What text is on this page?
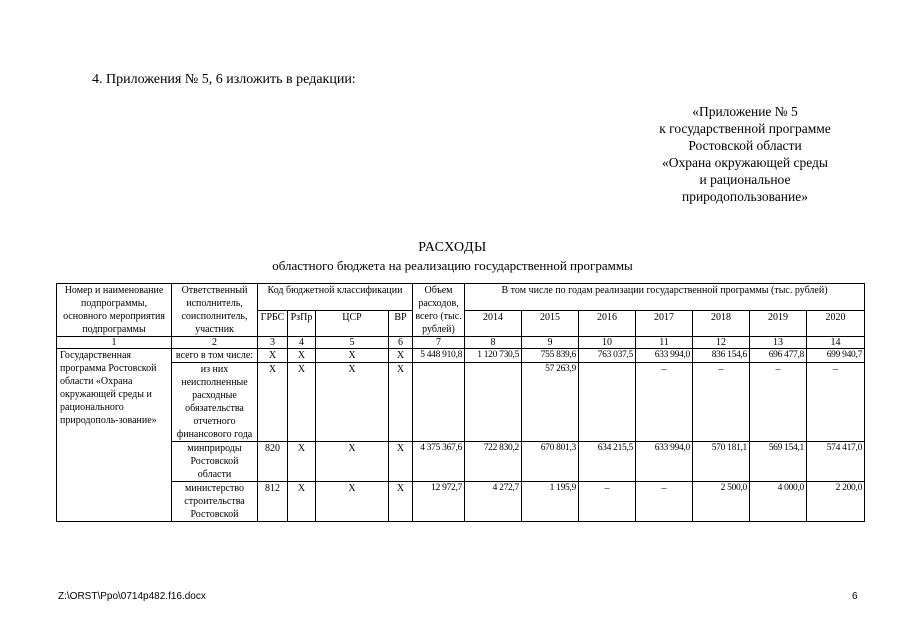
4. Приложения № 5, 6 изложить в редакции:
«Приложение № 5
к государственной программе
Ростовской области
«Охрана окружающей среды
и рациональное
природопользование»
РАСХОДЫ
областного бюджета на реализацию государственной программы
Номер и наименование подпрограммы, основного мероприятия подпрограммы	Ответственный исполнитель, соисполнитель, участник	Код бюджетной классификации				Объем расходов, всего (тыс. рублей)	В том числе по годам реализации государственной программы (тыс. рублей)						
		ГРБС	РзПр	ЦСР	ВР		2014	2015	2016	2017	2018	2019	2020
1	2	3	4	5	6	7	8	9	10	11	12	13	14
Государственная программа Ростовской области «Охрана окружающей среды и рационального природополь-зование»	всего в том числе:	X	X	X	X	5 448 910,8	1 120 730,5	755 839,6	763 037,5	633 994,0	836 154,6	696 477,8	699 940,7
	из них неисполненные расходные обязательства отчетного финансового года	X	X	X	X			57 263,9		–	–	–	–
	минприроды Ростовской области	820	X	X	X	4 375 367,6	722 830,2	670 801,3	634 215,5	633 994,0	570 181,1	569 154,1	574 417,0
	министерство строительства Ростовской	812	X	X	X	12 972,7	4 272,7	1 195,9	–	–	2 500,0	4 000,0	2 200,0
Z:\ORST\Ppo\0714p482.f16.docx	6
